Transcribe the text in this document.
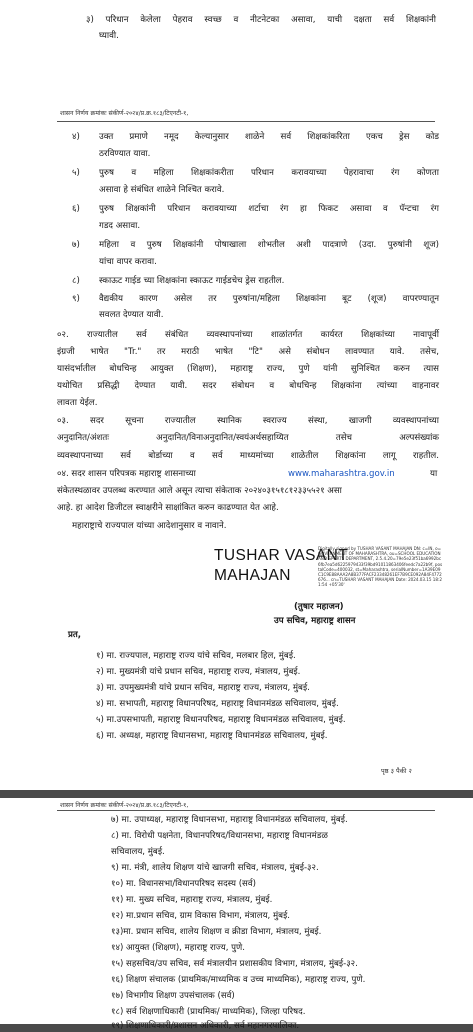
३) परिधान केलेला पेहराव स्वच्छ व नीटनेटका असावा, याची दक्षता सर्व शिक्षकांनी
घ्यावी.
शासन निर्णय क्रमांकः संकीर्ण-२०२४/प्र.क्र.१८३/टिएनटी-१,
४) उक्त प्रमाणे नमूद केल्यानुसार शाळेने सर्व शिक्षकांकरिता एकच ड्रेस कोड
ठरविण्यात यावा.
५) पुरुष व महिला शिक्षकांकरीता परिधान करावयाच्या पेहरावाचा रंग कोणता
असावा हे संबंधित शाळेने निश्चित करावे.
६) पुरुष शिक्षकांनी परिधान करावयाच्या शर्टाचा रंग हा फिकट असावा व पॅन्टचा रंग
गडद असावा.
७) महिला व पुरुष शिक्षकांनी पोषाखाला शोभतील अशी पादत्राणे (उदा. पुरुषांनी शूज)
यांचा वापर करावा.
८) स्काऊट गाईड च्या शिक्षकांना स्काऊट गाईडचेच ड्रेस राहतील.
९) वैद्यकीय कारण असेल तर पुरुषांना/महिला शिक्षकांना बूट (शूज) वापरण्यातून
सवलत देण्यात यावी.
०२. राज्यातील सर्व संबंधित व्यवस्थापनांच्या शाळांतर्गत कार्यरत शिक्षकांच्या नावापूर्वी
इंग्रजी भाषेत "Tr." तर मराठी भाषेत "टि" असे संबोधन लावण्यात यावे. तसेच,
यासंदर्भातील बोधचिन्ह आयुक्त (शिक्षण), महाराष्ट्र राज्य, पुणे यांनी सुनिश्चित करुन त्यास
यथोचित प्रसिद्धी देण्यात यावी. सदर संबोधन व बोधचिन्ह शिक्षकांना त्यांच्या वाहनावर
लावता येईल.
०३. सदर सूचना राज्यातील स्थानिक स्वराज्य संस्था, खाजगी व्यवस्थापनांच्या
अनुदानित/अंशतः अनुदानित/विनाअनुदानित/स्वयंअर्थसहाय्यित तसेच अल्पसंख्यांक
व्यवस्थापनाच्या सर्व बोर्डाच्या व सर्व माध्यमांच्या शाळेतील शिक्षकांना लागू राहतील.
०४. सदर शासन परिपत्रक महाराष्ट्र शासनाच्या	www.maharashtra.gov.in	या
संकेतस्थळावर उपलब्ध करण्यात आले असून त्याचा संकेताक २०२४०३१५१८१२३३५५२१ असा
आहे. हा आदेश डिजीटल स्वाक्षरीने साक्षांकित करुन काढण्यात येत आहे.
महाराष्ट्राचे राज्यपाल यांच्या आदेशानुसार व नावाने.
TUSHAR VASANT
MAHAJAN
Digitally signed by TUSHAR VASANT MAHAJAN DN: c=IN, o=GOVERNMENT OF MAHARASHTRA, ou=SCHOOL EDUCATION AND SPORTS DEPARTMENT, 2.5.4.20=79e5e23f51ba6992bc6fb7ea5d6225979433f39bd91011863406feedc7a22b9f, postalCode=400032, st=Maharashtra, serialNumber=1A39E09C1C9E88AAA2A8B377FACF23348261EF7B9CE092A84F4772676... cn=TUSHAR VASANT MAHAJAN Date: 2024.03.15 18:21:54 +05'30'
(तुषार महाजन)
उप सचिव, महाराष्ट्र शासन
प्रत,
१) मा. राज्यपाल, महाराष्ट्र राज्य यांचे सचिव, मलबार हिल, मुंबई.
२) मा. मुख्यमंत्री यांचे प्रधान सचिव, महाराष्ट्र राज्य, मंत्रालय, मुंबई.
३) मा. उपमुख्यमंत्री यांचे प्रधान सचिव, महाराष्ट्र राज्य, मंत्रालय, मुंबई.
४) मा. सभापती, महाराष्ट्र विधानपरिषद, महाराष्ट्र विधानमंडळ सचिवालय, मुंबई.
५) मा.उपसभापती, महाराष्ट्र विधानपरिषद, महाराष्ट्र विधानमंडळ सचिवालय, मुंबई.
६) मा. अध्यक्ष, महाराष्ट्र विधानसभा, महाराष्ट्र विधानमंडळ सचिवालय, मुंबई.
पृष्ठ ३ पैकी २
शासन निर्णय क्रमांकः संकीर्ण-२०२४/प्र.क्र.१८३/टिएनटी-१,
७) मा. उपाध्यक्ष, महाराष्ट्र विधानसभा, महाराष्ट्र विधानमंडळ सचिवालय, मुंबई.
८) मा. विरोधी पक्षनेता, विधानपरिषद/विधानसभा, महाराष्ट्र विधानमंडळ
सचिवालय, मुंबई.
९) मा. मंत्री, शालेय शिक्षण यांचे खाजगी सचिव, मंत्रालय, मुंबई-३२.
१०) मा. विधानसभा/विधानपरिषद सदस्य (सर्व)
११) मा. मुख्य सचिव, महाराष्ट्र राज्य, मंत्रालय, मुंबई.
१२) मा.प्रधान सचिव, ग्राम विकास विभाग, मंत्रालय, मुंबई.
१३)मा. प्रधान सचिव, शालेय शिक्षण व क्रीडा विभाग, मंत्रालय, मुंबई.
१४) आयुक्त (शिक्षण), महाराष्ट्र राज्य, पुणे.
१५) सहसचिव/उप सचिव, सर्व मंत्रालयीन प्रशासकीय विभाग, मंत्रालय, मुंबई-३२.
१६) शिक्षण संचालक (प्राथमिक/माध्यमिक व उच्च माध्यमिक), महाराष्ट्र राज्य, पुणे.
१७) विभागीय शिक्षण उपसंचालक (सर्व)
१८) सर्व शिक्षणाधिकारी (प्राथमिक/ माध्यमिक), जिल्हा परिषद.
१९) शिक्षणाधिकारी/प्रशासन अधिकारी, सर्व महानगरपालिका.
